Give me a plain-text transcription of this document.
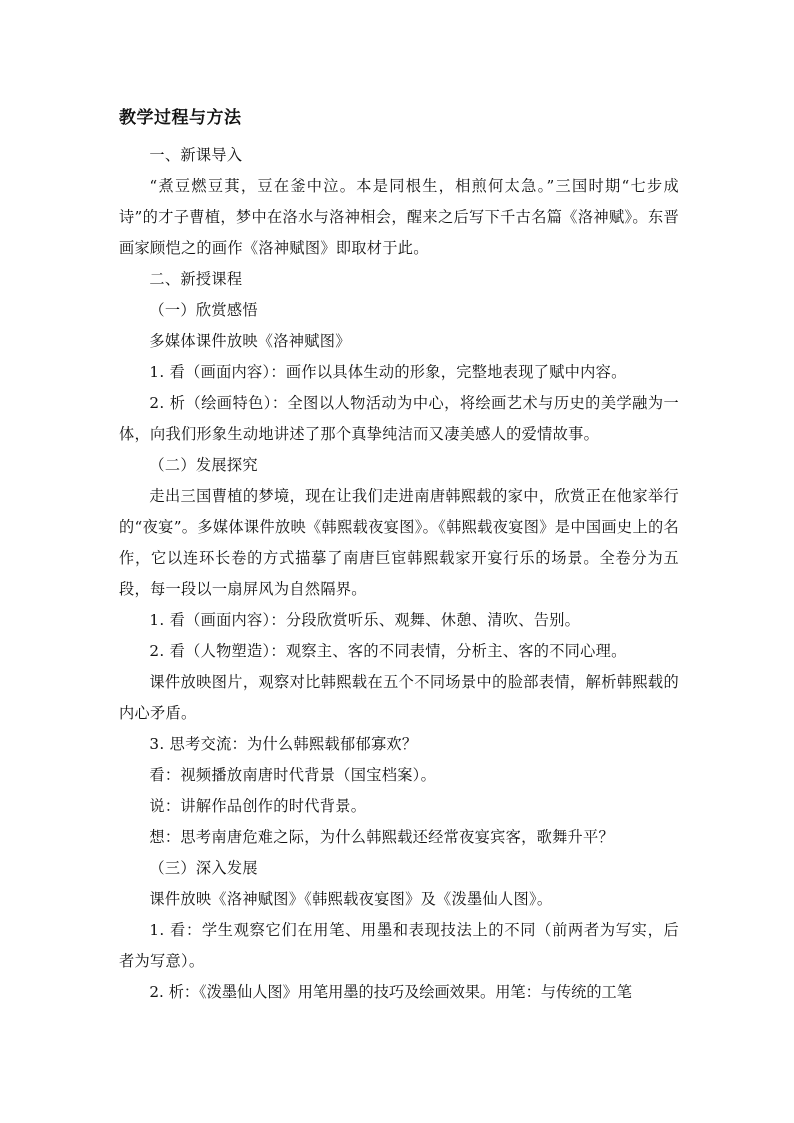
教学过程与方法

一、新课导入

“煮豆燃豆萁，豆在釜中泣。本是同根生，相煎何太急。”三国时期“七步成诗”的才子曹植，梦中在洛水与洛神相会，醒来之后写下千古名篇《洛神赋》。东晋画家顾恺之的画作《洛神赋图》即取材于此。

二、新授课程

（一）欣赏感悟

多媒体课件放映《洛神赋图》

1. 看（画面内容）：画作以具体生动的形象，完整地表现了赋中内容。

2. 析（绘画特色）：全图以人物活动为中心，将绘画艺术与历史的美学融为一体，向我们形象生动地讲述了那个真挚纯洁而又凄美感人的爱情故事。

（二）发展探究

走出三国曹植的梦境，现在让我们走进南唐韩熙载的家中，欣赏正在他家举行的“夜宴”。多媒体课件放映《韩熙载夜宴图》。《韩熙载夜宴图》是中国画史上的名作，它以连环长卷的方式描摹了南唐巨宦韩熙载家开宴行乐的场景。全卷分为五段，每一段以一扇屏风为自然隔界。

1. 看（画面内容）：分段欣赏听乐、观舞、休憩、清吹、告别。

2. 看（人物塑造）：观察主、客的不同表情，分析主、客的不同心理。

课件放映图片，观察对比韩熙载在五个不同场景中的脸部表情，解析韩熙载的内心矛盾。

3. 思考交流：为什么韩熙载郁郁寡欢？

看：视频播放南唐时代背景（国宝档案）。

说：讲解作品创作的时代背景。

想：思考南唐危难之际，为什么韩熙载还经常夜宴宾客，歌舞升平？

（三）深入发展

课件放映《洛神赋图》《韩熙载夜宴图》及《泼墨仙人图》。

1. 看：学生观察它们在用笔、用墨和表现技法上的不同（前两者为写实，后者为写意）。

2. 析：《泼墨仙人图》用笔用墨的技巧及绘画效果。用笔：与传统的工笔
